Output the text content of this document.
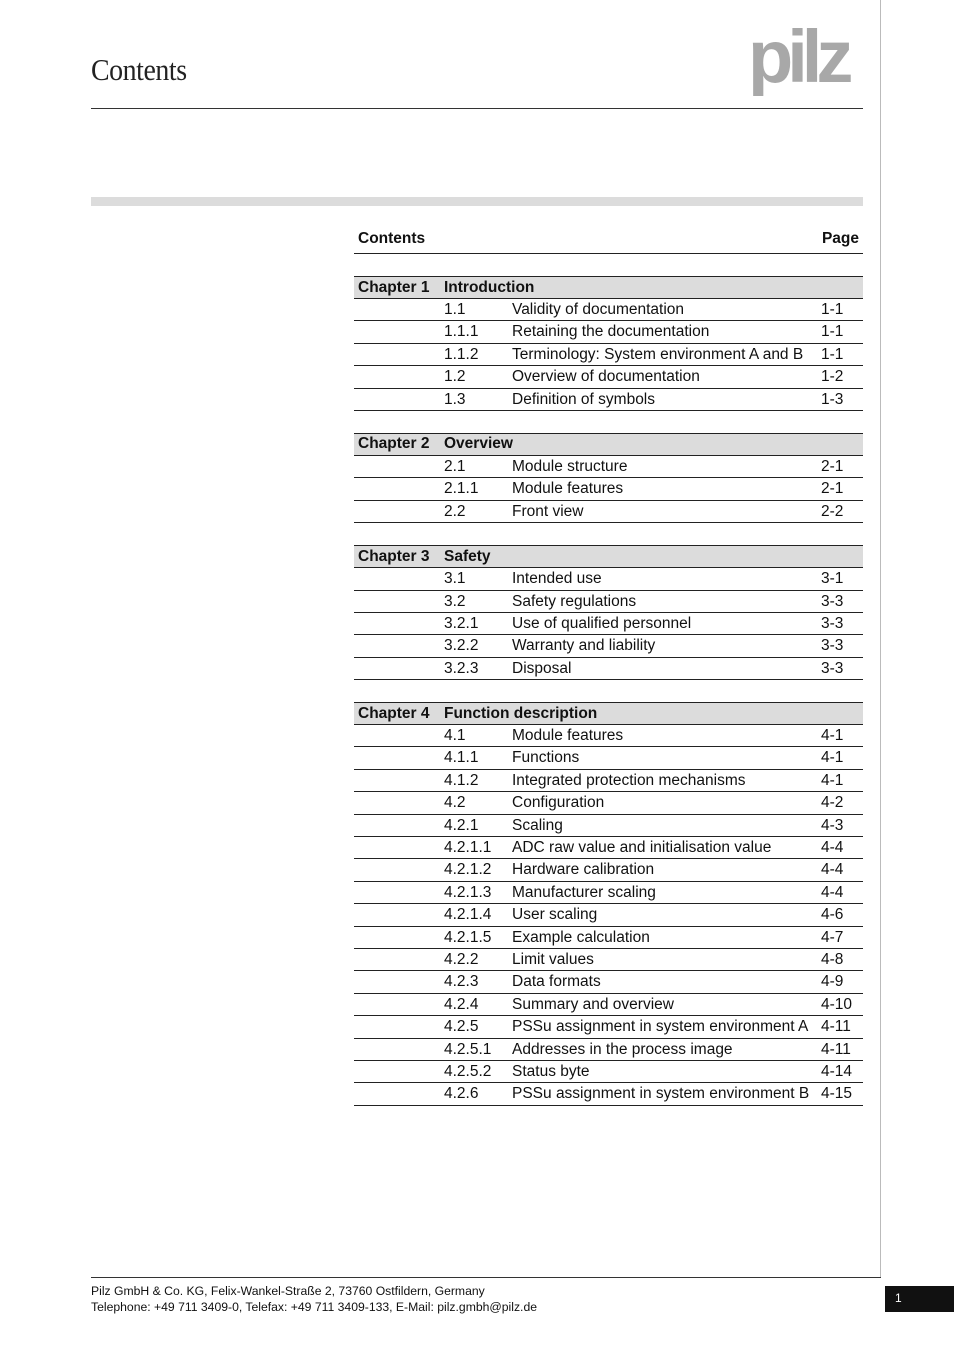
Contents	pilz
Contents	Page
Chapter 1 Introduction
1.1	Validity of documentation	1-1
1.1.1	Retaining the documentation	1-1
1.1.2	Terminology: System environment A and B	1-1
1.2	Overview of documentation	1-2
1.3	Definition of symbols	1-3
Chapter 2 Overview
2.1	Module structure	2-1
2.1.1	Module features	2-1
2.2	Front view	2-2
Chapter 3 Safety
3.1	Intended use	3-1
3.2	Safety regulations	3-3
3.2.1	Use of qualified personnel	3-3
3.2.2	Warranty and liability	3-3
3.2.3	Disposal	3-3
Chapter 4 Function description
4.1	Module features	4-1
4.1.1	Functions	4-1
4.1.2	Integrated protection mechanisms	4-1
4.2	Configuration	4-2
4.2.1	Scaling	4-3
4.2.1.1	ADC raw value and initialisation value	4-4
4.2.1.2	Hardware calibration	4-4
4.2.1.3	Manufacturer scaling	4-4
4.2.1.4	User scaling	4-6
4.2.1.5	Example calculation	4-7
4.2.2	Limit values	4-8
4.2.3	Data formats	4-9
4.2.4	Summary and overview	4-10
4.2.5	PSSu assignment in system environment A 4-11
4.2.5.1	Addresses in the process image	4-11
4.2.5.2	Status byte	4-14
4.2.6	PSSu assignment in system environment B 4-15
Pilz GmbH & Co. KG, Felix-Wankel-Straße 2, 73760 Ostfildern, Germany
Telephone: +49 711 3409-0, Telefax: +49 711 3409-133, E-Mail: pilz.gmbh@pilz.de
1
